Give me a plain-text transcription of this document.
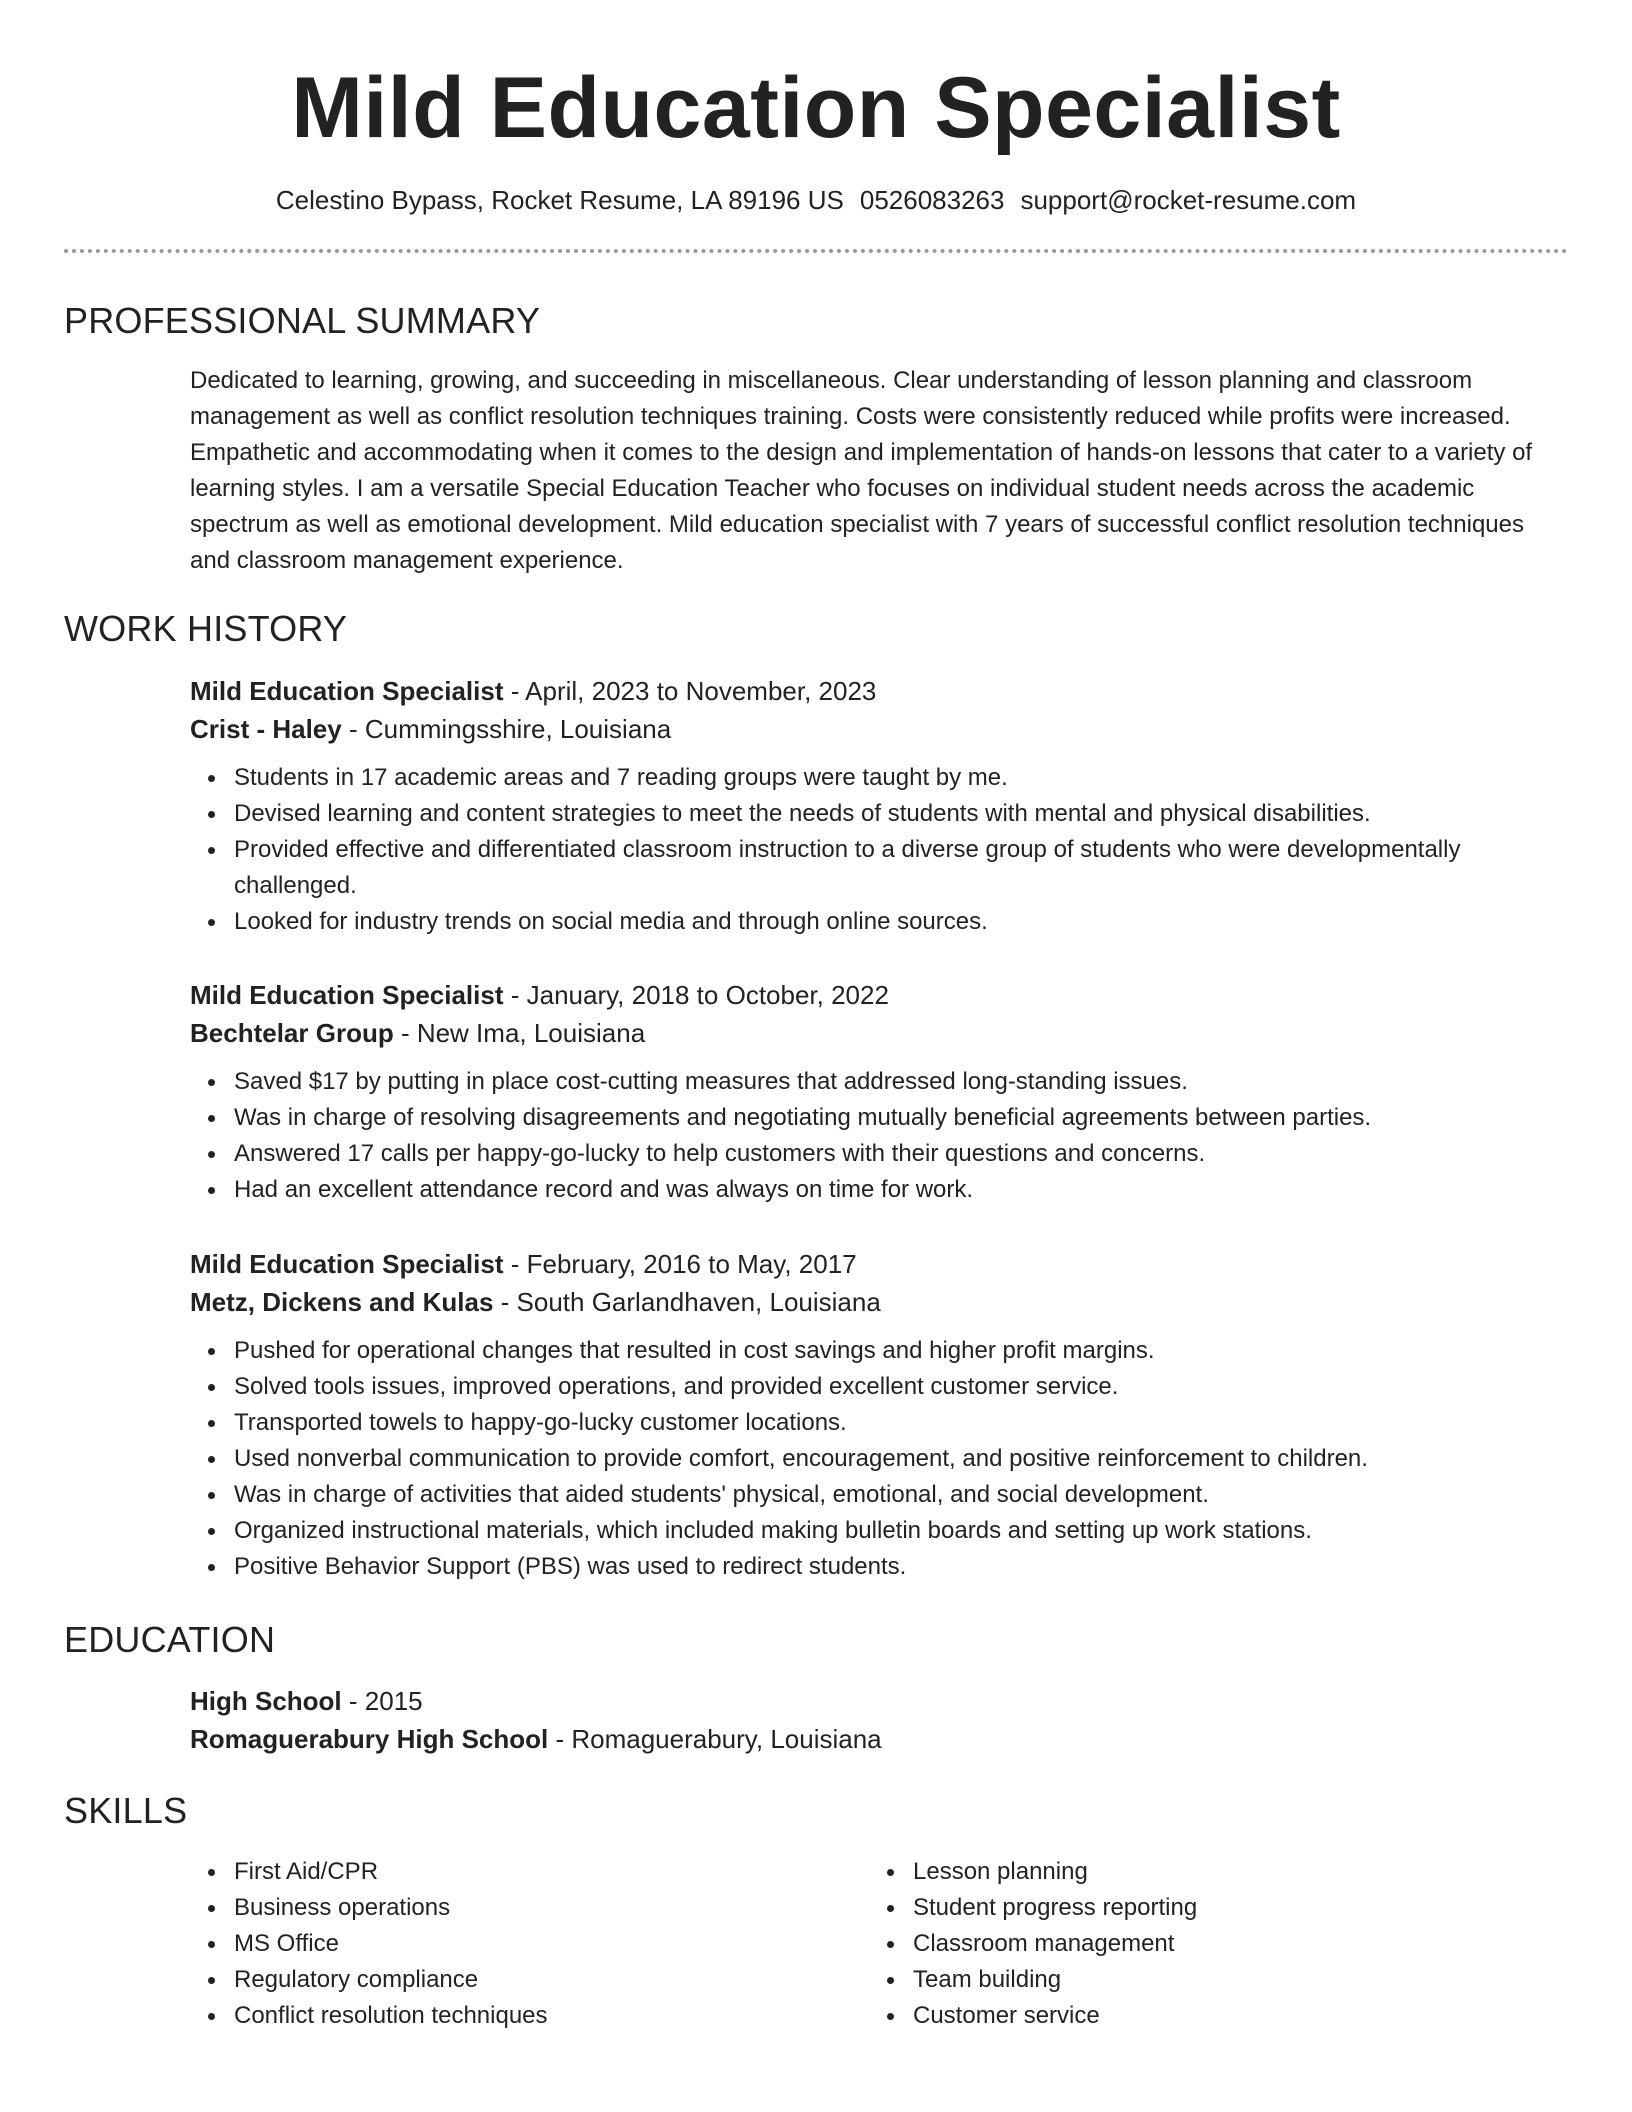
Mild Education Specialist
Celestino Bypass, Rocket Resume, LA 89196 US 0526083263 support@rocket-resume.com
PROFESSIONAL SUMMARY

Dedicated to learning, growing, and succeeding in miscellaneous. Clear understanding of lesson planning and classroom management as well as conflict resolution techniques training. Costs were consistently reduced while profits were increased. Empathetic and accommodating when it comes to the design and implementation of hands-on lessons that cater to a variety of learning styles. I am a versatile Special Education Teacher who focuses on individual student needs across the academic spectrum as well as emotional development. Mild education specialist with 7 years of successful conflict resolution techniques and classroom management experience.

WORK HISTORY
Mild Education Specialist - April, 2023 to November, 2023
Crist - Haley - Cummingsshire, Louisiana
Students in 17 academic areas and 7 reading groups were taught by me.
Devised learning and content strategies to meet the needs of students with mental and physical disabilities.
Provided effective and differentiated classroom instruction to a diverse group of students who were developmentally challenged.
Looked for industry trends on social media and through online sources.
Mild Education Specialist - January, 2018 to October, 2022
Bechtelar Group - New Ima, Louisiana
Saved $17 by putting in place cost-cutting measures that addressed long-standing issues.
Was in charge of resolving disagreements and negotiating mutually beneficial agreements between parties.
Answered 17 calls per happy-go-lucky to help customers with their questions and concerns.
Had an excellent attendance record and was always on time for work.
Mild Education Specialist - February, 2016 to May, 2017
Metz, Dickens and Kulas - South Garlandhaven, Louisiana
Pushed for operational changes that resulted in cost savings and higher profit margins.
Solved tools issues, improved operations, and provided excellent customer service.
Transported towels to happy-go-lucky customer locations.
Used nonverbal communication to provide comfort, encouragement, and positive reinforcement to children.
Was in charge of activities that aided students' physical, emotional, and social development.
Organized instructional materials, which included making bulletin boards and setting up work stations.
Positive Behavior Support (PBS) was used to redirect students.
EDUCATION
High School - 2015
Romaguerabury High School - Romaguerabury, Louisiana
SKILLS
First Aid/CPR
Business operations
MS Office
Regulatory compliance
Conflict resolution techniques
Lesson planning
Student progress reporting
Classroom management
Team building
Customer service
